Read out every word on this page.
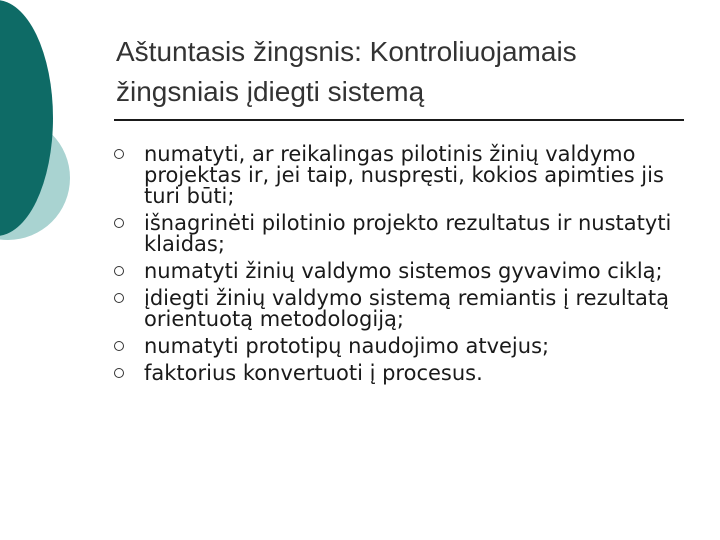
Aštuntasis žingsnis: Kontroliuojamais žingsniais įdiegti sistemą
numatyti, ar reikalingas pilotinis žinių valdymo projektas ir, jei taip, nuspręsti, kokios apimties jis turi būti;
išnagrinėti pilotinio projekto rezultatus ir nustatyti klaidas;
numatyti žinių valdymo sistemos gyvavimo ciklą;
įdiegti žinių valdymo sistemą remiantis į rezultatą orientuotą metodologiją;
numatyti prototipų naudojimo atvejus;
faktorius konvertuoti į procesus.
